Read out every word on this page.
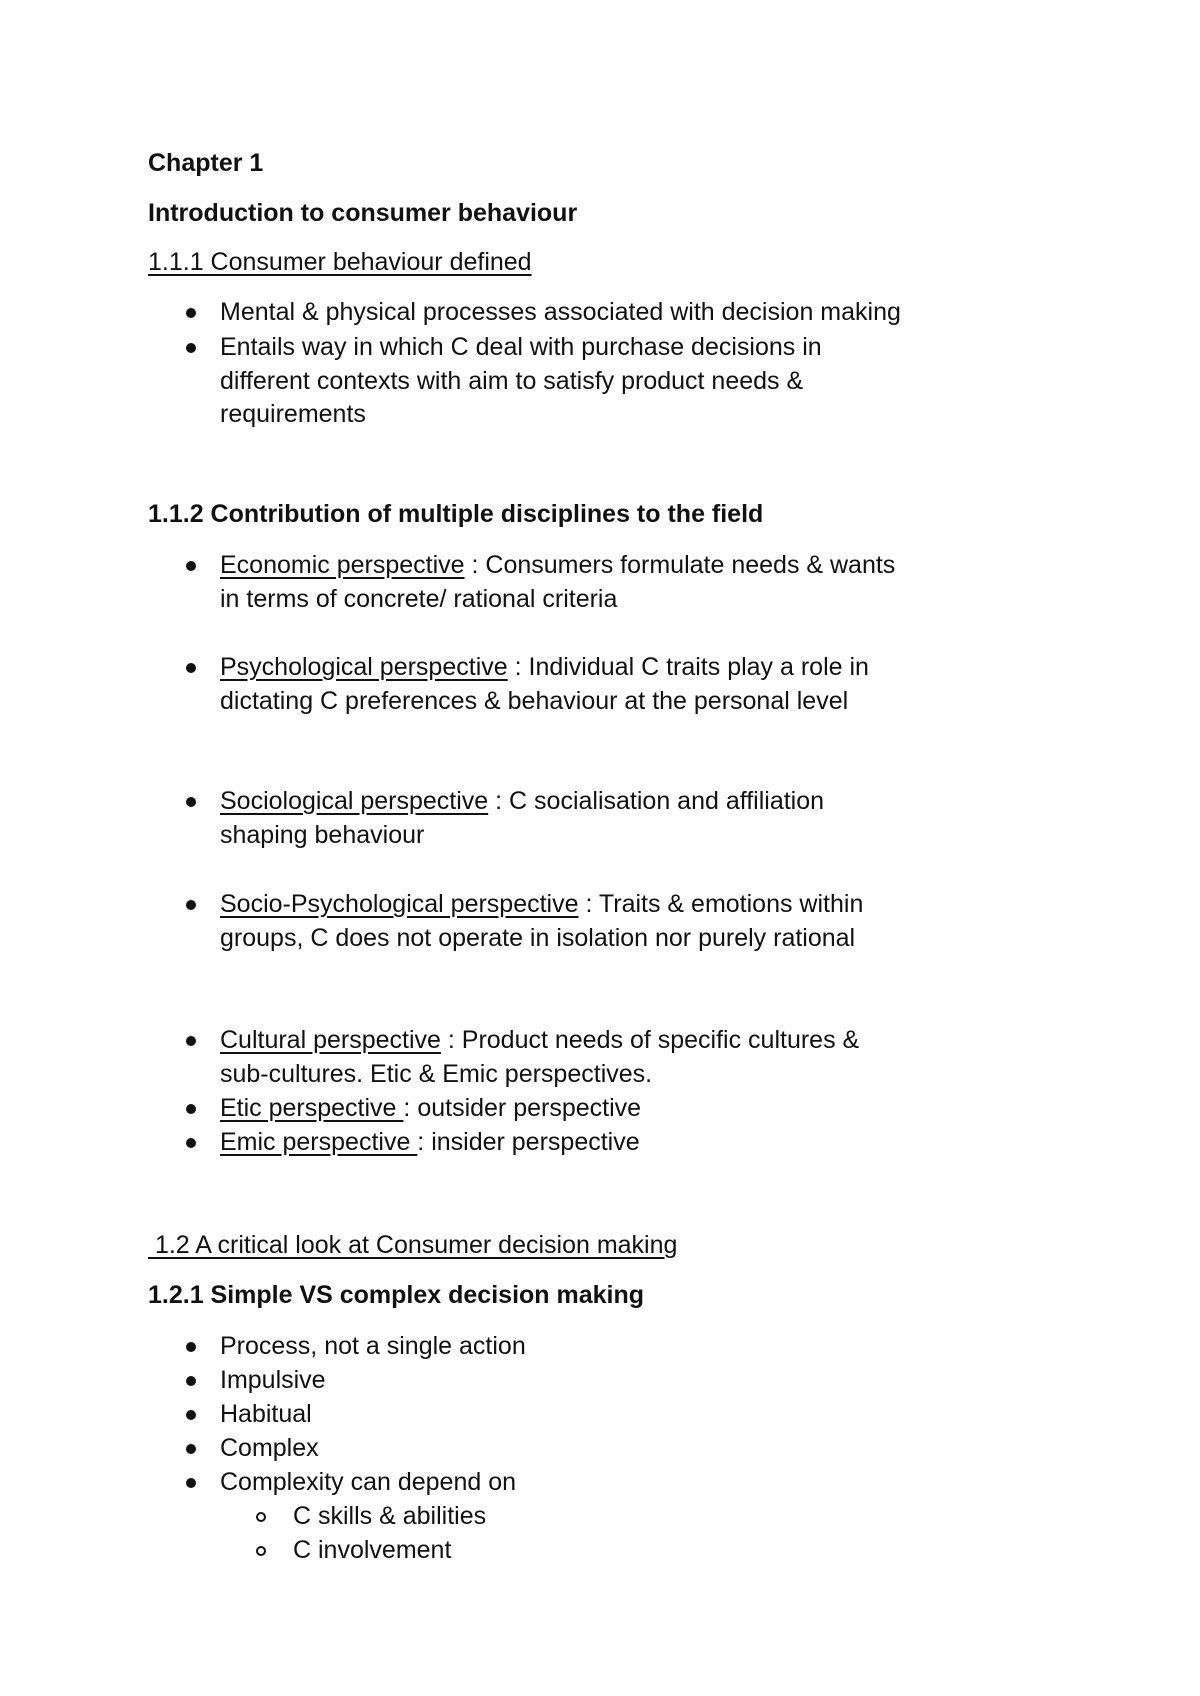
Chapter 1
Introduction to consumer behaviour
1.1.1 Consumer behaviour defined
Mental & physical processes associated with decision making
Entails way in which C deal with purchase decisions in
different contexts with aim to satisfy product needs &
requirements
1.1.2 Contribution of multiple disciplines to the field
Economic perspective : Consumers formulate needs & wants
in terms of concrete/ rational criteria
Psychological perspective : Individual C traits play a role in
dictating C preferences & behaviour at the personal level
Sociological perspective : C socialisation and affiliation
shaping behaviour
Socio-Psychological perspective : Traits & emotions within
groups, C does not operate in isolation nor purely rational
Cultural perspective : Product needs of specific cultures &
sub-cultures. Etic & Emic perspectives.
Etic perspective : outsider perspective
Emic perspective : insider perspective
1.2 A critical look at Consumer decision making
1.2.1 Simple VS complex decision making
Process, not a single action
Impulsive
Habitual
Complex
Complexity can depend on
C skills & abilities
C involvement
